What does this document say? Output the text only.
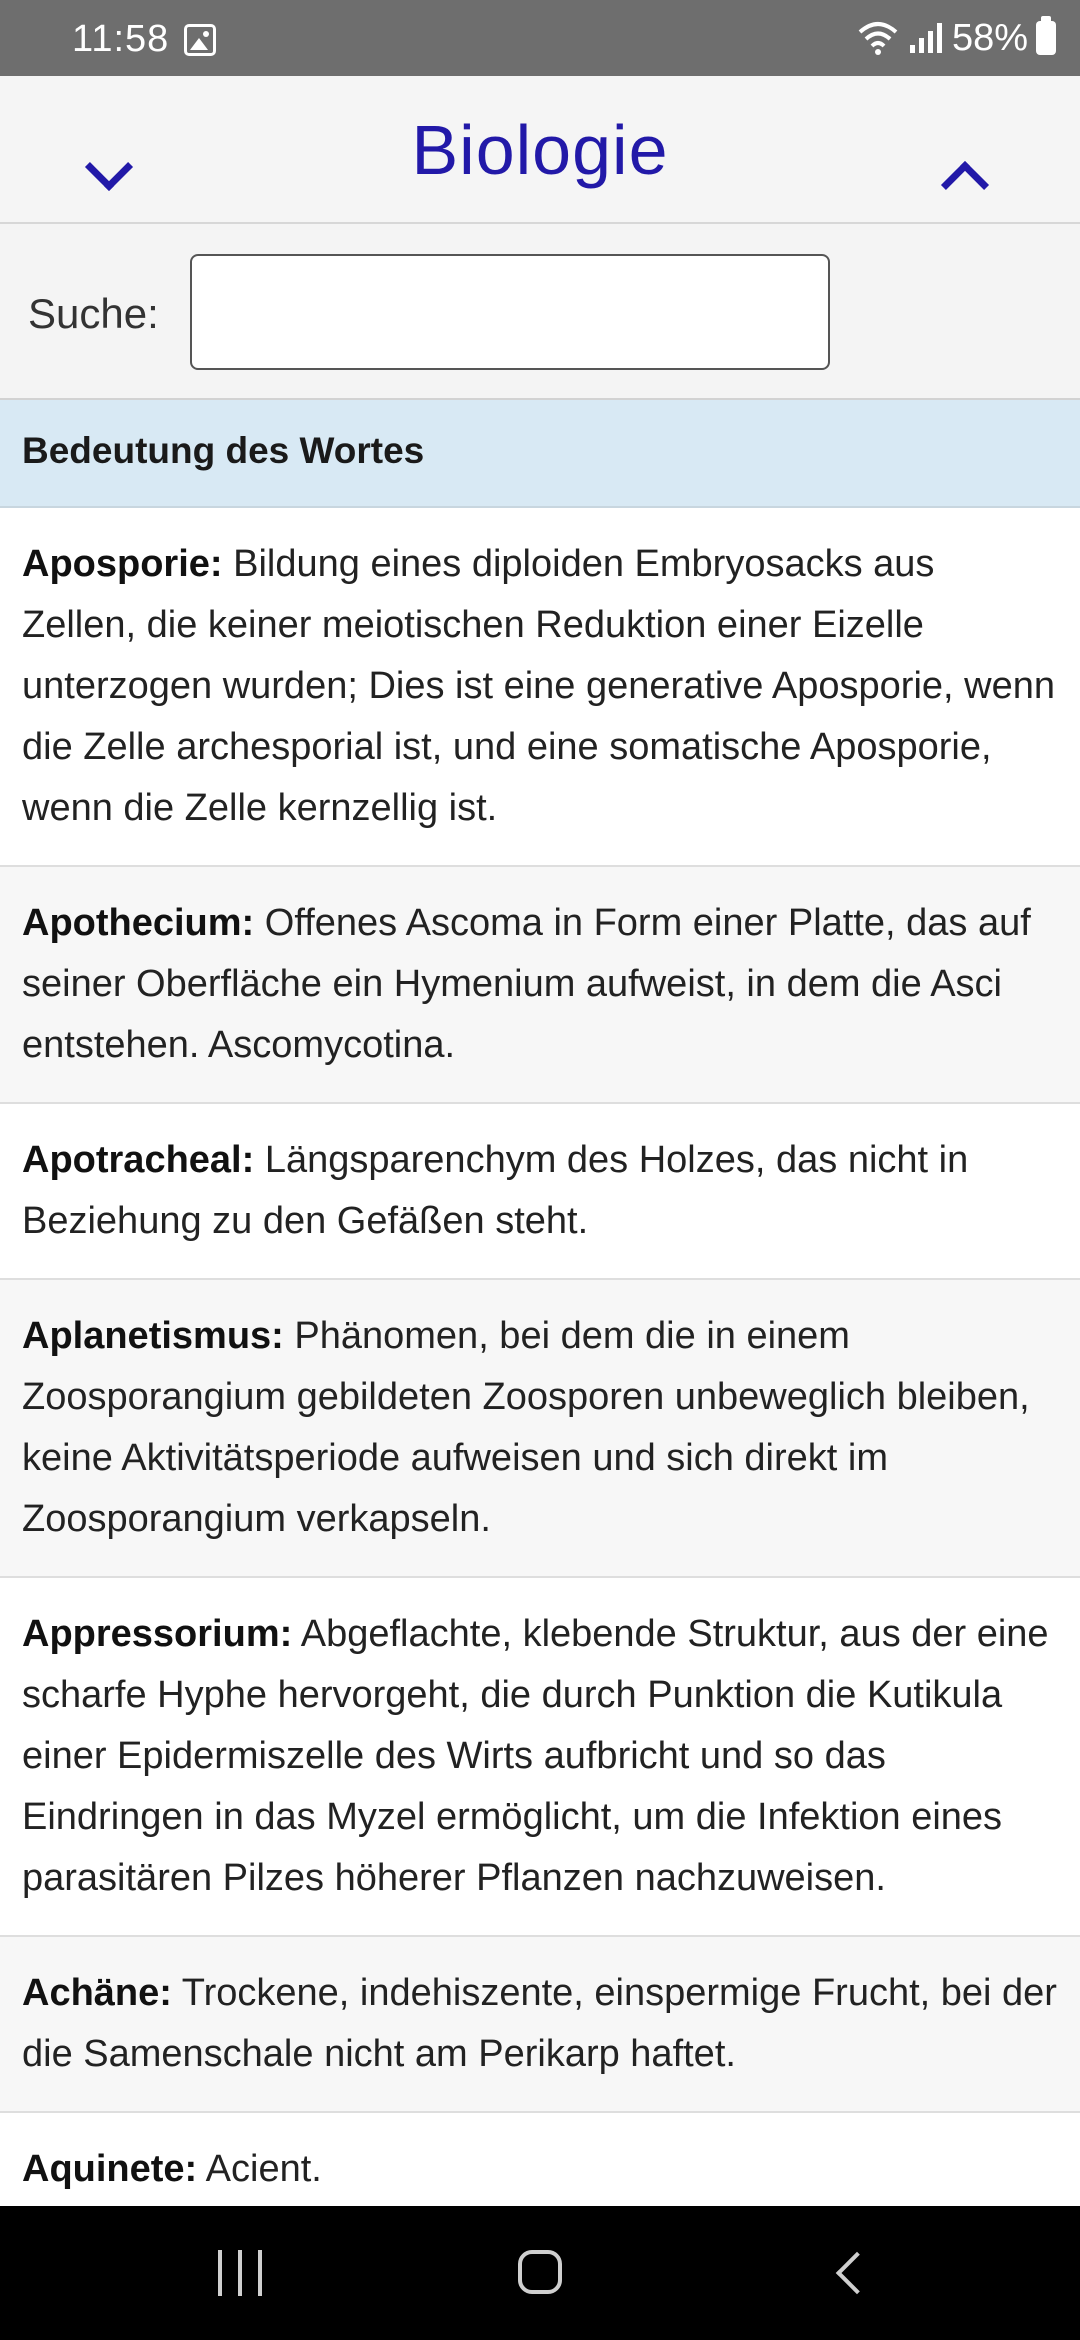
11:58	58%
Biologie
Suche:
Bedeutung des Wortes
Aposporie: Bildung eines diploiden Embryosacks aus Zellen, die keiner meiotischen Reduktion einer Eizelle unterzogen wurden; Dies ist eine generative Aposporie, wenn die Zelle archesporial ist, und eine somatische Aposporie, wenn die Zelle kernzellig ist.
Apothecium: Offenes Ascoma in Form einer Platte, das auf seiner Oberfläche ein Hymenium aufweist, in dem die Asci entstehen. Ascomycotina.
Apotracheal: Längsparenchym des Holzes, das nicht in Beziehung zu den Gefäßen steht.
Aplanetismus: Phänomen, bei dem die in einem Zoosporangium gebildeten Zoosporen unbeweglich bleiben, keine Aktivitätsperiode aufweisen und sich direkt im Zoosporangium verkapseln.
Appressorium: Abgeflachte, klebende Struktur, aus der eine scharfe Hyphe hervorgeht, die durch Punktion die Kutikula einer Epidermiszelle des Wirts aufbricht und so das Eindringen in das Myzel ermöglicht, um die Infektion eines parasitären Pilzes höherer Pflanzen nachzuweisen.
Achäne: Trockene, indehiszente, einspermige Frucht, bei der die Samenschale nicht am Perikarp haftet.
Aquinete: Acient.
